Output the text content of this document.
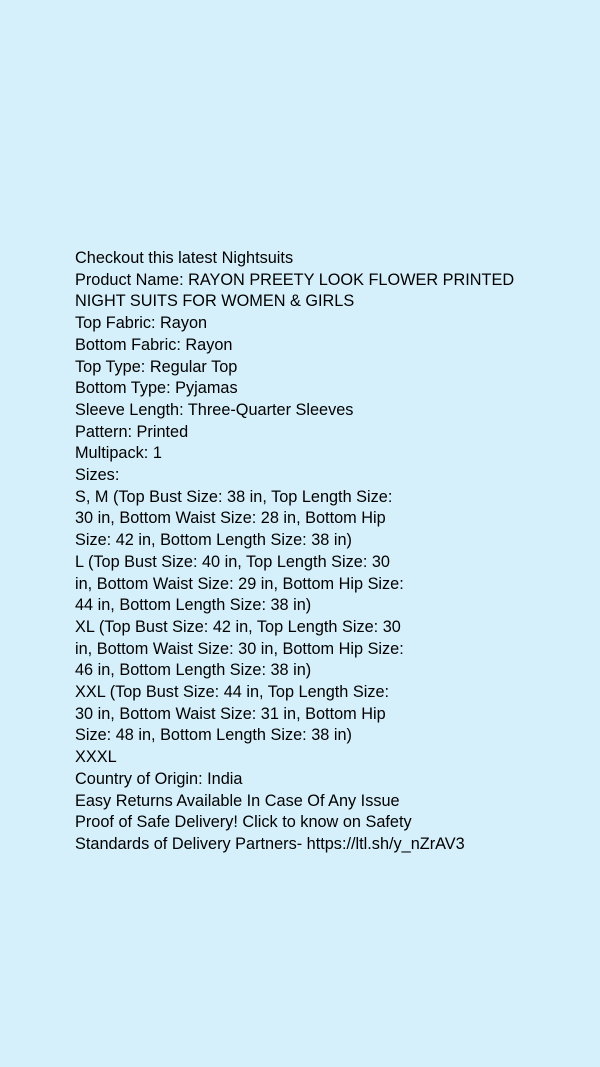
Checkout this latest Nightsuits
Product Name: RAYON PREETY LOOK FLOWER PRINTED
NIGHT SUITS FOR WOMEN & GIRLS
Top Fabric: Rayon
Bottom Fabric: Rayon
Top Type: Regular Top
Bottom Type: Pyjamas
Sleeve Length: Three-Quarter Sleeves
Pattern: Printed
Multipack: 1
Sizes:
S, M (Top Bust Size: 38 in, Top Length Size:
30 in, Bottom Waist Size: 28 in, Bottom Hip
Size: 42 in, Bottom Length Size: 38 in)
L (Top Bust Size: 40 in, Top Length Size: 30
in, Bottom Waist Size: 29 in, Bottom Hip Size:
44 in, Bottom Length Size: 38 in)
XL (Top Bust Size: 42 in, Top Length Size: 30
in, Bottom Waist Size: 30 in, Bottom Hip Size:
46 in, Bottom Length Size: 38 in)
XXL (Top Bust Size: 44 in, Top Length Size:
30 in, Bottom Waist Size: 31 in, Bottom Hip
Size: 48 in, Bottom Length Size: 38 in)
XXXL
Country of Origin: India
Easy Returns Available In Case Of Any Issue
Proof of Safe Delivery! Click to know on Safety
Standards of Delivery Partners- https://ltl.sh/y_nZrAV3
